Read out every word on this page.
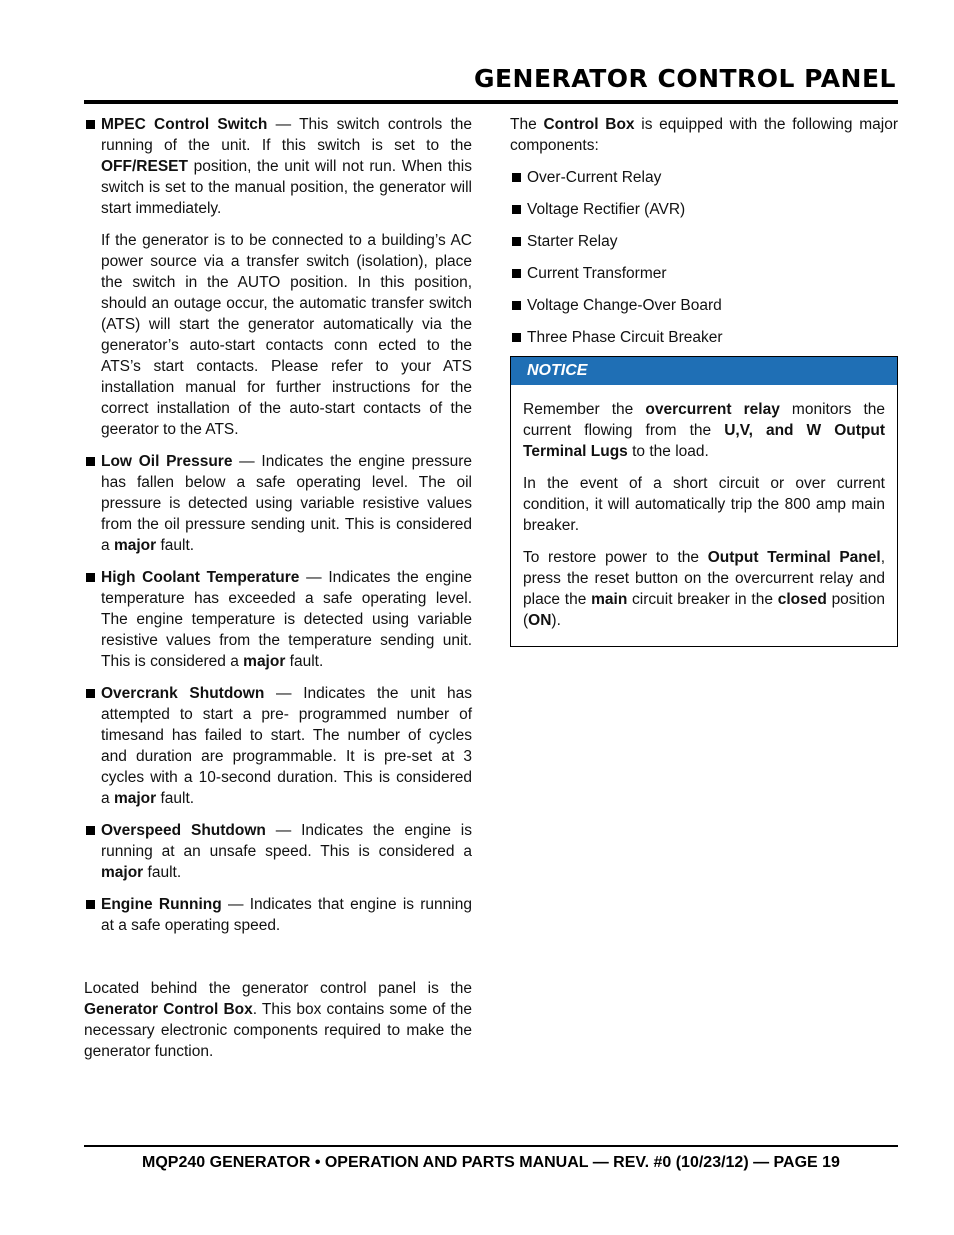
GENERATOR CONTROL PANEL
MPEC Control Switch — This switch controls the running of the unit. If this switch is set to the OFF/RESET position, the unit will not run. When this switch is set to the manual position, the generator will start immediately.
If the generator is to be connected to a building’s AC power source via a transfer switch (isolation), place the switch in the AUTO position. In this position, should an outage occur, the automatic transfer switch (ATS) will start the generator automatically via the generator’s auto-start contacts conn ected to the ATS’s start contacts. Please refer to your ATS installation manual for further instructions for the correct installation of the auto-start contacts of the geerator to the ATS.
Low Oil Pressure — Indicates the engine pressure has fallen below a safe operating level. The oil pressure is detected using variable resistive values from the oil pressure sending unit. This is considered a major fault.
High Coolant Temperature — Indicates the engine temperature has exceeded a safe operating level. The engine temperature is detected using variable resistive values from the temperature sending unit. This is considered a major fault.
Overcrank Shutdown — Indicates the unit has attempted to start a pre- programmed number of timesand has failed to start. The number of cycles and duration are programmable. It is pre-set at 3 cycles with a 10-second duration. This is considered a major fault.
Overspeed Shutdown — Indicates the engine is running at an unsafe speed. This is considered a major fault.
Engine Running — Indicates that engine is running at a safe operating speed.

Located behind the generator control panel is the Generator Control Box. This box contains some of the necessary electronic components required to make the generator function.

The Control Box is equipped with the following major components:

Over-Current Relay
Voltage Rectifier (AVR)
Starter Relay
Current Transformer
Voltage Change-Over Board
Three Phase Circuit Breaker
NOTICE

Remember the overcurrent relay monitors the current flowing from the U,V, and W Output Terminal Lugs to the load.

In the event of a short circuit or over current condition, it will automatically trip the 800 amp main breaker.

To restore power to the Output Terminal Panel, press the reset button on the overcurrent relay and place the main circuit breaker in the closed position (ON).

MQP240 GENERATOR • OPERATION AND PARTS MANUAL — REV. #0 (10/23/12) — PAGE 19
